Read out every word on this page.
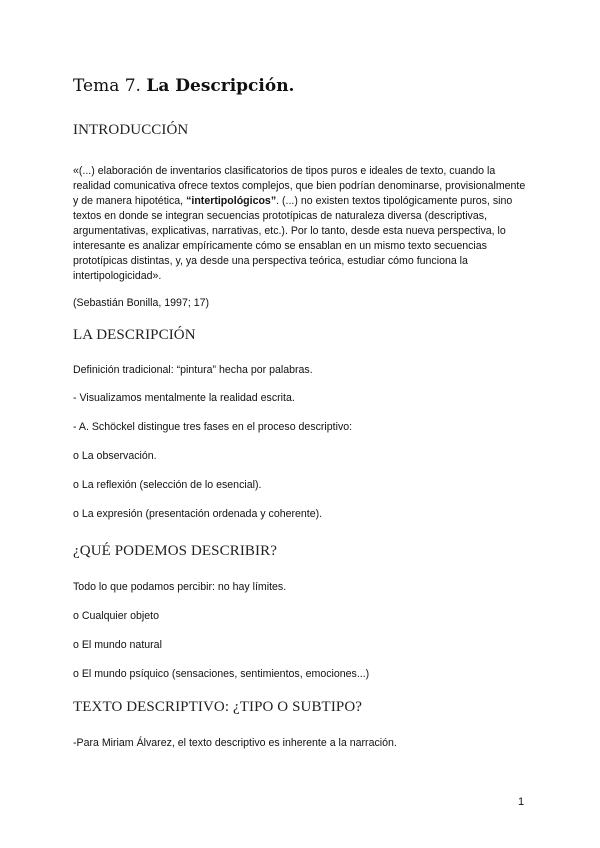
Tema 7. La Descripción.
INTRODUCCIÓN

«(...) elaboración de inventarios clasificatorios de tipos puros e ideales de texto, cuando la realidad comunicativa ofrece textos complejos, que bien podrían denominarse, provisionalmente y de manera hipotética, “intertipológicos”. (...) no existen textos tipológicamente puros, sino textos en donde se integran secuencias prototípicas de naturaleza diversa (descriptivas, argumentativas, explicativas, narrativas, etc.). Por lo tanto, desde esta nueva perspectiva, lo interesante es analizar empíricamente cómo se ensablan en un mismo texto secuencias prototípicas distintas, y, ya desde una perspectiva teórica, estudiar cómo funciona la intertipologicidad».

(Sebastián Bonilla, 1997; 17)

LA DESCRIPCIÓN

Definición tradicional: “pintura” hecha por palabras.

- Visualizamos mentalmente la realidad escrita.

- A. Schöckel distingue tres fases en el proceso descriptivo:

o La observación.

o La reflexión (selección de lo esencial).

o La expresión (presentación ordenada y coherente).

¿QUÉ PODEMOS DESCRIBIR?

Todo lo que podamos percibir: no hay límites.

o Cualquier objeto

o El mundo natural

o El mundo psíquico (sensaciones, sentimientos, emociones...)

TEXTO DESCRIPTIVO: ¿TIPO O SUBTIPO?

-Para Miriam Álvarez, el texto descriptivo es inherente a la narración.

1
